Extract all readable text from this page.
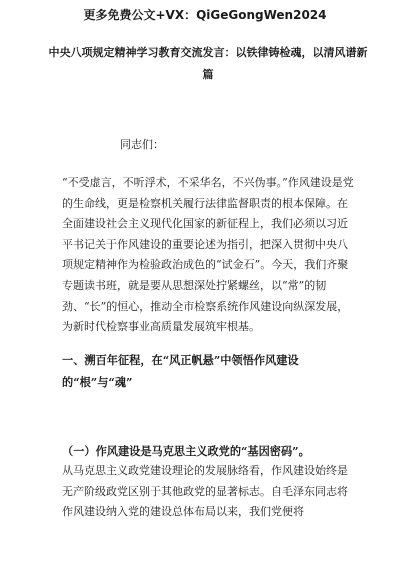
更多免费公文+VX：QiGeGongWen2024
中央八项规定精神学习教育交流发言：以铁律铸检魂，以清风谱新篇
同志们：

“不受虚言，不听浮术，不采华名，不兴伪事。”作风建设是党的生命线，更是检察机关履行法律监督职责的根本保障。在全面建设社会主义现代化国家的新征程上，我们必须以习近平书记关于作风建设的重要论述为指引，把深入贯彻中央八项规定精神作为检验政治成色的“试金石”。今天，我们齐聚专题读书班，就是要从思想深处拧紧螺丝，以“常”的韧劲、“长”的恒心，推动全市检察系统作风建设向纵深发展，为新时代检察事业高质量发展筑牢根基。

一、溯百年征程，在“风正帆悬”中领悟作风建设的“根”与“魂”
（一）作风建设是马克思主义政党的“基因密码”。

从马克思主义政党建设理论的发展脉络看，作风建设始终是无产阶级政党区别于其他政党的显著标志。自毛泽东同志将作风建设纳入党的建设总体布局以来，我们党便将
